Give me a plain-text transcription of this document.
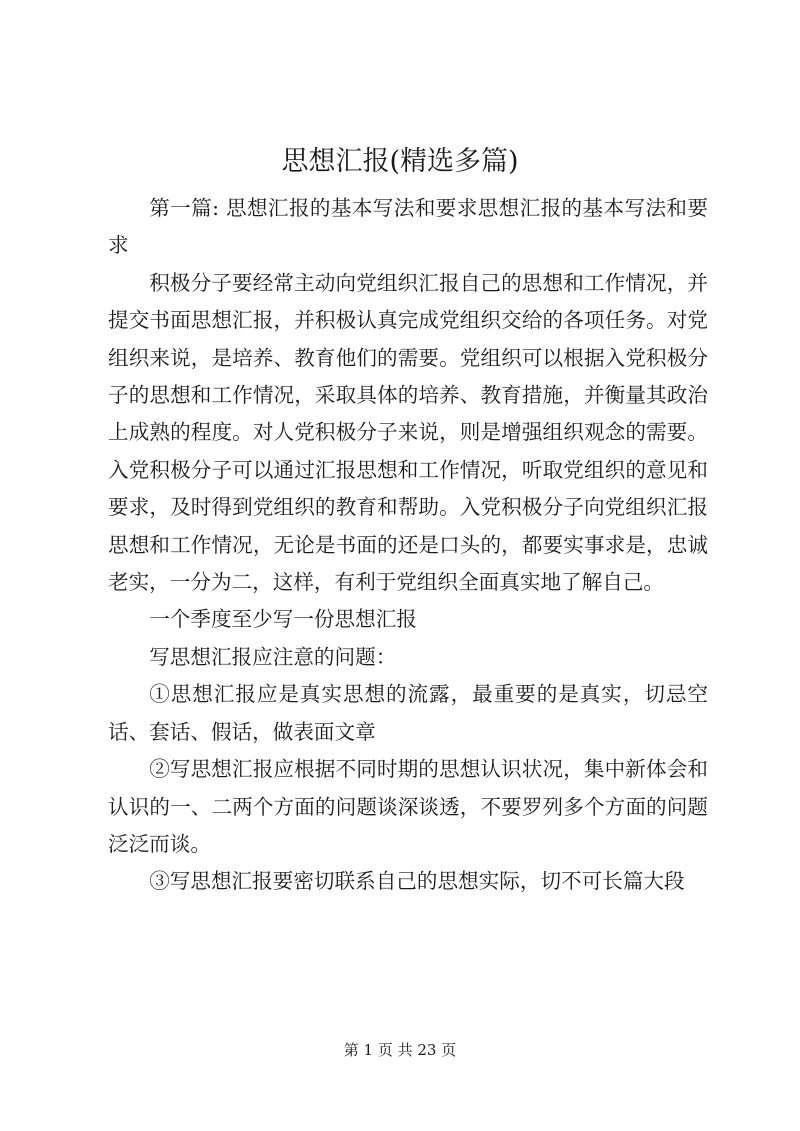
思想汇报(精选多篇)

第一篇: 思想汇报的基本写法和要求思想汇报的基本写法和要求

积极分子要经常主动向党组织汇报自己的思想和工作情况，并提交书面思想汇报，并积极认真完成党组织交给的各项任务。对党组织来说，是培养、教育他们的需要。党组织可以根据入党积极分子的思想和工作情况，采取具体的培养、教育措施，并衡量其政治上成熟的程度。对人党积极分子来说，则是增强组织观念的需要。入党积极分子可以通过汇报思想和工作情况，听取党组织的意见和要求，及时得到党组织的教育和帮助。入党积极分子向党组织汇报思想和工作情况，无论是书面的还是口头的，都要实事求是，忠诚老实，一分为二，这样，有利于党组织全面真实地了解自己。

一个季度至少写一份思想汇报

写思想汇报应注意的问题：

①思想汇报应是真实思想的流露，最重要的是真实，切忌空话、套话、假话，做表面文章

②写思想汇报应根据不同时期的思想认识状况，集中新体会和认识的一、二两个方面的问题谈深谈透，不要罗列多个方面的问题泛泛而谈。

③写思想汇报要密切联系自己的思想实际，切不可长篇大段

第 1 页 共 23 页
